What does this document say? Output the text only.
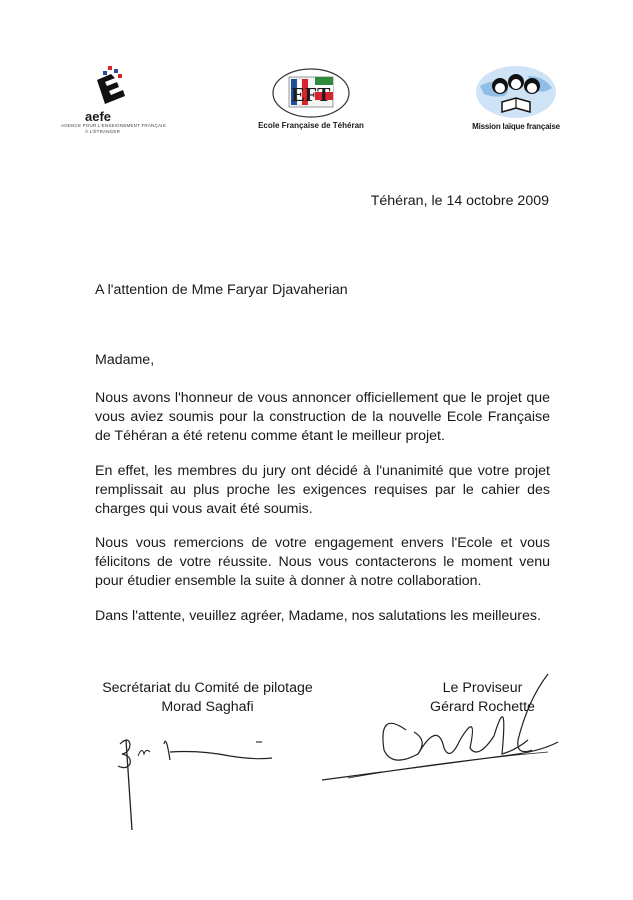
aefe
AGENCE POUR L'ENSEIGNEMENT FRANÇAIS
À L'ÉTRANGER
EFT
Ecole Française de Téhéran	Mission laïque française
Téhéran, le 14 octobre 2009
A l'attention de Mme Faryar Djavaherian
Madame,
Nous avons l'honneur de vous annoncer officiellement que le projet que vous aviez soumis pour la construction de la nouvelle Ecole Française de Téhéran a été retenu comme étant le meilleur projet.
En effet, les membres du jury ont décidé à l'unanimité que votre projet remplissait au plus proche les exigences requises par le cahier des charges qui vous avait été soumis.
Nous vous remercions de votre engagement envers l'Ecole et vous félicitons de votre réussite. Nous vous contacterons le moment venu pour étudier ensemble la suite à donner à notre collaboration.
Dans l'attente, veuillez agréer, Madame, nos salutations les meilleures.
Secrétariat du Comité de pilotage
Morad Saghafi
Le Proviseur
Gérard Rochette
